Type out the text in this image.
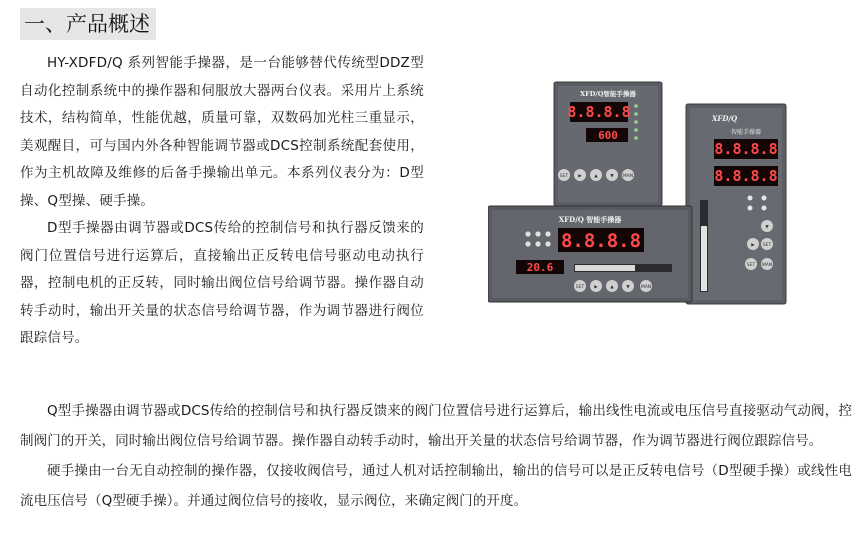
一、产品概述

HY-XDFD/Q 系列智能手操器，是一台能够替代传统型DDZ型自动化控制系统中的操作器和伺服放大器两台仪表。采用片上系统技术，结构简单，性能优越，质量可靠，双数码加光柱三重显示，美观醒目，可与国内外各种智能调节器或DCS控制系统配套使用，作为主机故障及维修的后备手操输出单元。本系列仪表分为：D型操、Q型操、硬手操。

D型手操器由调节器或DCS传给的控制信号和执行器反馈来的阀门位置信号进行运算后，直接输出正反转电信号驱动电动执行器，控制电机的正反转，同时输出阀位信号给调节器。操作器自动转手动时，输出开关量的状态信号给调节器，作为调节器进行阀位跟踪信号。

Q型手操器由调节器或DCS传给的控制信号和执行器反馈来的阀门位置信号进行运算后，输出线性电流或电压信号直接驱动气动阀，控制阀门的开关，同时输出阀位信号给调节器。操作器自动转手动时，输出开关量的状态信号给调节器，作为调节器进行阀位跟踪信号。

硬手操由一台无自动控制的操作器，仅接收阀信号，通过人机对话控制输出，输出的信号可以是正反转电信号（D型硬手操）或线性电流电压信号（Q型硬手操）。并通过阀位信号的接收，显示阀位，来确定阀门的开度。

XFD/Q智能手操器
8.8.8.8
600
SET ▶	▲	▼ MAN
XFD/Q
智能手操器
8.8.8.8
8.8.8.8
▼
▶ SET
SET MAN
XFD/Q 智能手操器
8.8.8.8
20.6
SET ▶	▲	▼ MAN
